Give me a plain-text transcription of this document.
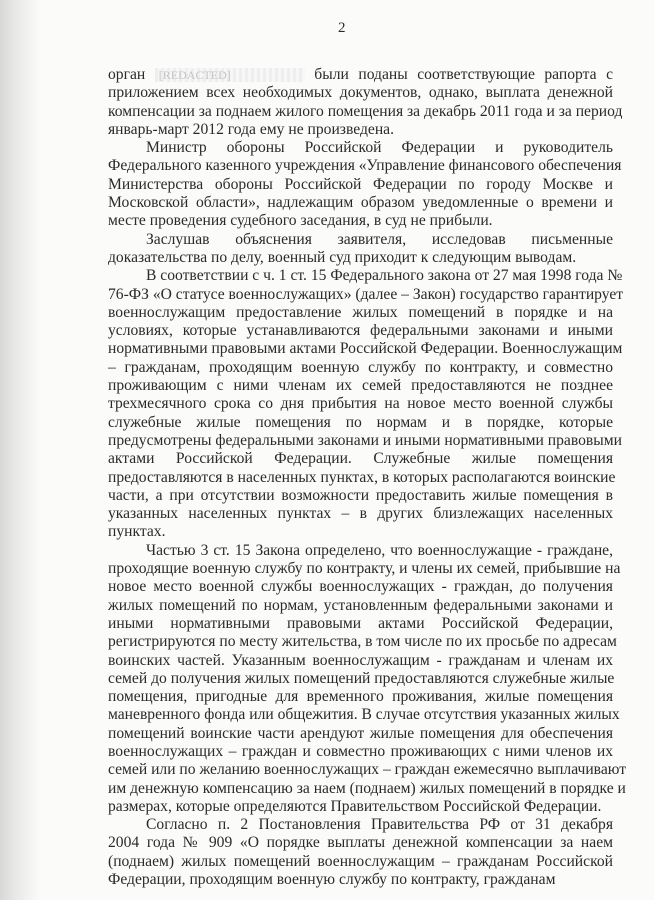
2
орган [REDACTED]	были поданы соответствующие рапорта с
приложением всех необходимых документов, однако, выплата денежной
компенсации за поднаем жилого помещения за декабрь 2011 года и за период
январь-март 2012 года ему не произведена.
Министр обороны Российской Федерации и руководитель
Федерального казенного учреждения «Управление финансового обеспечения
Министерства обороны Российской Федерации по городу Москве и
Московской области», надлежащим образом уведомленные о времени и
месте проведения судебного заседания, в суд не прибыли.
Заслушав объяснения заявителя, исследовав письменные
доказательства по делу, военный суд приходит к следующим выводам.
В соответствии с ч. 1 ст. 15 Федерального закона от 27 мая 1998 года №
76-ФЗ «О статусе военнослужащих» (далее – Закон) государство гарантирует
военнослужащим предоставление жилых помещений в порядке и на
условиях, которые устанавливаются федеральными законами и иными
нормативными правовыми актами Российской Федерации. Военнослужащим
– гражданам, проходящим военную службу по контракту, и совместно
проживающим с ними членам их семей предоставляются не позднее
трехмесячного срока со дня прибытия на новое место военной службы
служебные жилые помещения по нормам и в порядке, которые
предусмотрены федеральными законами и иными нормативными правовыми
актами Российской Федерации. Служебные жилые помещения
предоставляются в населенных пунктах, в которых располагаются воинские
части, а при отсутствии возможности предоставить жилые помещения в
указанных населенных пунктах – в других близлежащих населенных
пунктах.
Частью 3 ст. 15 Закона определено, что военнослужащие - граждане,
проходящие военную службу по контракту, и члены их семей, прибывшие на
новое место военной службы военнослужащих - граждан, до получения
жилых помещений по нормам, установленным федеральными законами и
иными нормативными правовыми актами Российской Федерации,
регистрируются по месту жительства, в том числе по их просьбе по адресам
воинских частей. Указанным военнослужащим - гражданам и членам их
семей до получения жилых помещений предоставляются служебные жилые
помещения, пригодные для временного проживания, жилые помещения
маневренного фонда или общежития. В случае отсутствия указанных жилых
помещений воинские части арендуют жилые помещения для обеспечения
военнослужащих – граждан и совместно проживающих с ними членов их
семей или по желанию военнослужащих – граждан ежемесячно выплачивают
им денежную компенсацию за наем (поднаем) жилых помещений в порядке и
размерах, которые определяются Правительством Российской Федерации.
Согласно п. 2 Постановления Правительства РФ от 31 декабря
2004 года № 909 «О порядке выплаты денежной компенсации за наем
(поднаем) жилых помещений военнослужащим – гражданам Российской
Федерации, проходящим военную службу по контракту, гражданам
